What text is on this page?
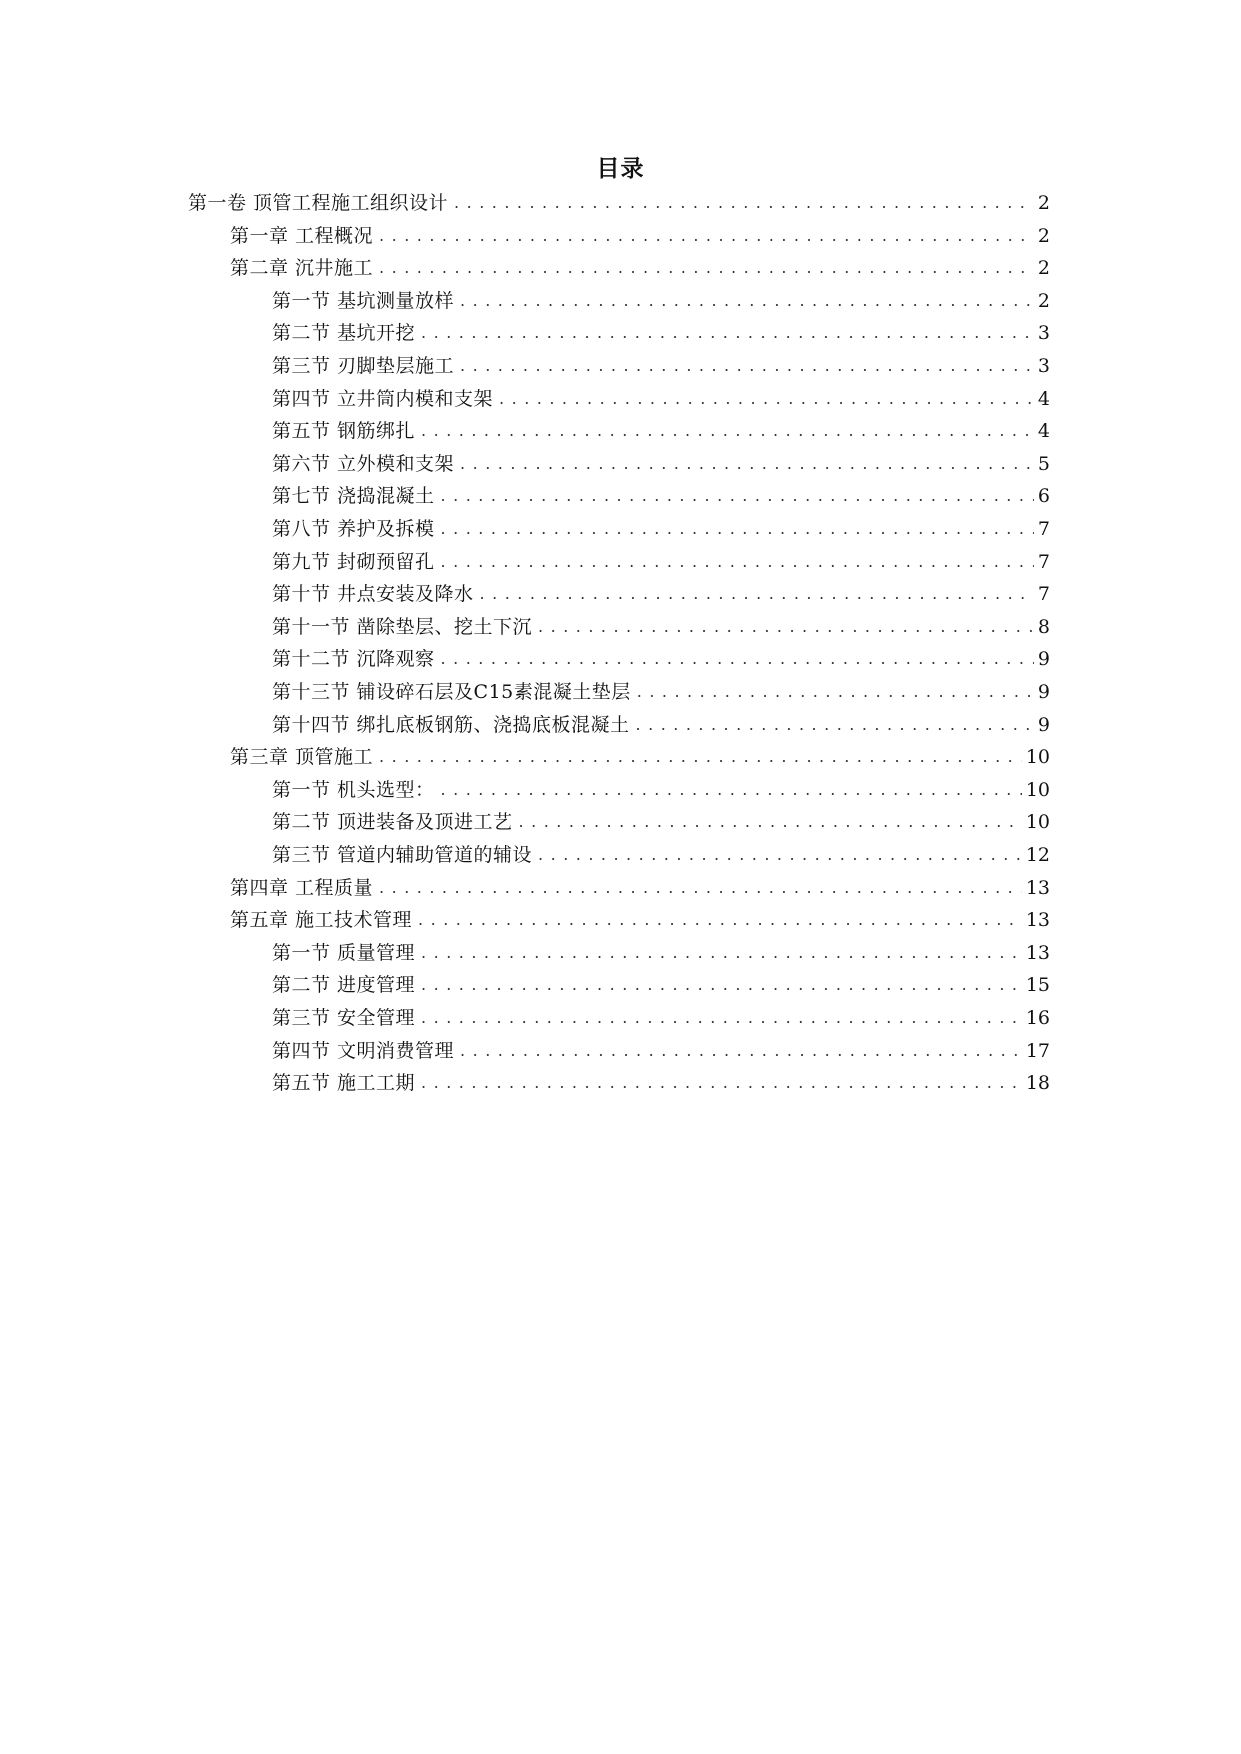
目录
第一卷 顶管工程施工组织设计 . . .	2
第一章 工程概况 . . .	2
第二章 沉井施工 . . .	2
第一节 基坑测量放样 . . .	2
第二节 基坑开挖 . . .	3
第三节 刃脚垫层施工 . . .	3
第四节 立井筒内模和支架 . . .	4
第五节 钢筋绑扎 . . .	4
第六节 立外模和支架 . . .	5
第七节 浇捣混凝土 . . .	6
第八节 养护及拆模 . . .	7
第九节 封砌预留孔 . . .	7
第十节 井点安装及降水 . . .	7
第十一节 凿除垫层、挖土下沉 . . .	8
第十二节 沉降观察 . . .	9
第十三节 铺设碎石层及C15素混凝土垫层 . . .	9
第十四节 绑扎底板钢筋、浇捣底板混凝土 . . .	9
第三章 顶管施工 . . .	10
第一节 机头选型： . . .	10
第二节 顶进装备及顶进工艺 . . .	10
第三节 管道内辅助管道的辅设 . . .	12
第四章 工程质量 . . .	13
第五章 施工技术管理 . . .	13
第一节 质量管理 . . .	13
第二节 进度管理 . . .	15
第三节 安全管理 . . .	16
第四节 文明消费管理 . . .	17
第五节 施工工期 . . .	18
